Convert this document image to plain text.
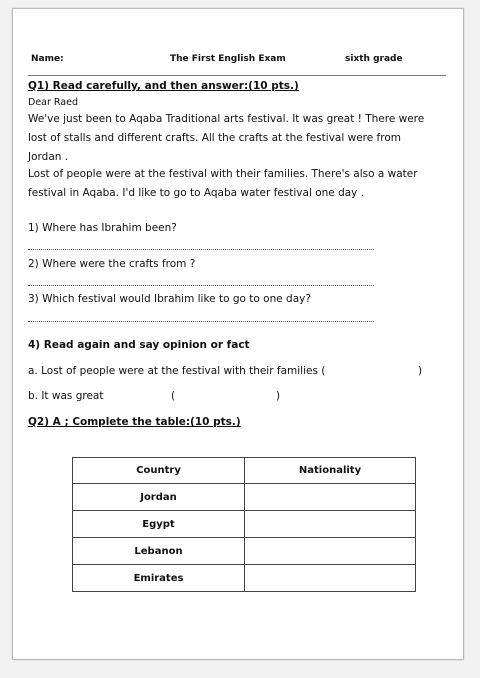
Name:	The First English Exam	sixth grade
Q1) Read carefully, and then answer:(10 pts.)
Dear Raed
We've just been to Aqaba Traditional arts festival. It was great ! There were
lost of stalls and different crafts. All the crafts at the festival were from
Jordan .
Lost of people were at the festival with their families. There's also a water
festival in Aqaba. I'd like to go to Aqaba water festival one day .
1) Where has Ibrahim been?
2) Where were the crafts from ?
3) Which festival would Ibrahim like to go to one day?
4) Read again and say opinion or fact
a. Lost of people were at the festival with their families (	)
b. It was great	(	)
Q2) A ; Complete the table:(10 pts.)
Country	Nationality
Jordan	
Egypt	
Lebanon	
Emirates	
